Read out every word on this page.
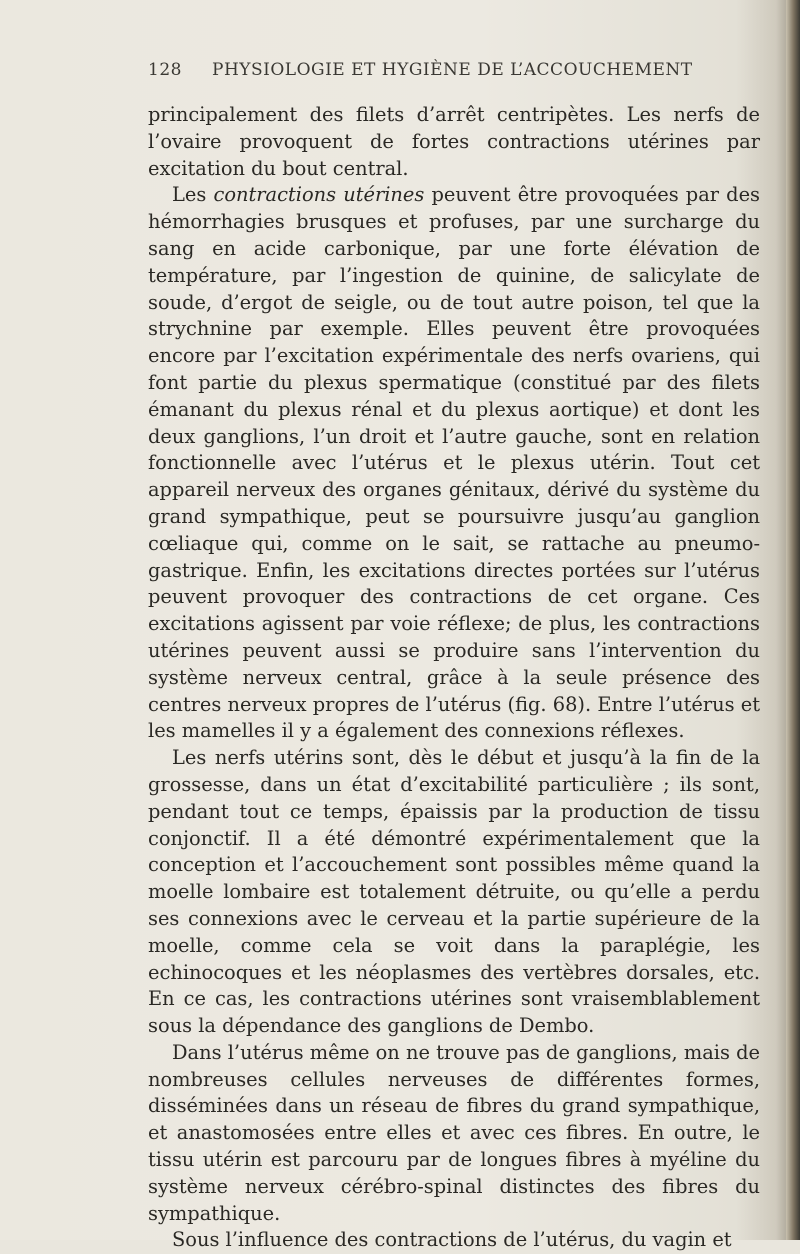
128 PHYSIOLOGIE ET HYGIÈNE DE L’ACCOUCHEMENT

principalement des filets d’arrêt centripètes. Les nerfs de l’ovaire provoquent de fortes contractions utérines par excitation du bout central.

Les contractions utérines peuvent être provoquées par des hémorrhagies brusques et profuses, par une surcharge du sang en acide carbonique, par une forte élévation de température, par l’ingestion de quinine, de salicylate de soude, d’ergot de seigle, ou de tout autre poison, tel que la strychnine par exemple. Elles peuvent être provoquées encore par l’excitation expérimentale des nerfs ovariens, qui font partie du plexus spermatique (constitué par des filets émanant du plexus rénal et du plexus aortique) et dont les deux ganglions, l’un droit et l’autre gauche, sont en relation fonctionnelle avec l’utérus et le plexus utérin. Tout cet appareil nerveux des organes génitaux, dérivé du système du grand sympathique, peut se poursuivre jusqu’au ganglion cœliaque qui, comme on le sait, se rattache au pneumo-gastrique. Enfin, les excitations directes portées sur l’utérus peuvent provoquer des contractions de cet organe. Ces excitations agissent par voie réflexe; de plus, les contractions utérines peuvent aussi se produire sans l’intervention du système nerveux central, grâce à la seule présence des centres nerveux propres de l’utérus (fig. 68). Entre l’utérus et les mamelles il y a également des connexions réflexes.

Les nerfs utérins sont, dès le début et jusqu’à la fin de la grossesse, dans un état d’excitabilité particulière ; ils sont, pendant tout ce temps, épaissis par la production de tissu conjonctif. Il a été démontré expérimentalement que la conception et l’accouchement sont possibles même quand la moelle lombaire est totalement détruite, ou qu’elle a perdu ses connexions avec le cerveau et la partie supérieure de la moelle, comme cela se voit dans la paraplégie, les echinocoques et les néoplasmes des vertèbres dorsales, etc. En ce cas, les contractions utérines sont vraisemblablement sous la dépendance des ganglions de Dembo.

Dans l’utérus même on ne trouve pas de ganglions, mais de nombreuses cellules nerveuses de différentes formes, disséminées dans un réseau de fibres du grand sympathique, et anastomosées entre elles et avec ces fibres. En outre, le tissu utérin est parcouru par de longues fibres à myéline du système nerveux cérébro-spinal distinctes des fibres du sympathique.

Sous l’influence des contractions de l’utérus, du vagin et
